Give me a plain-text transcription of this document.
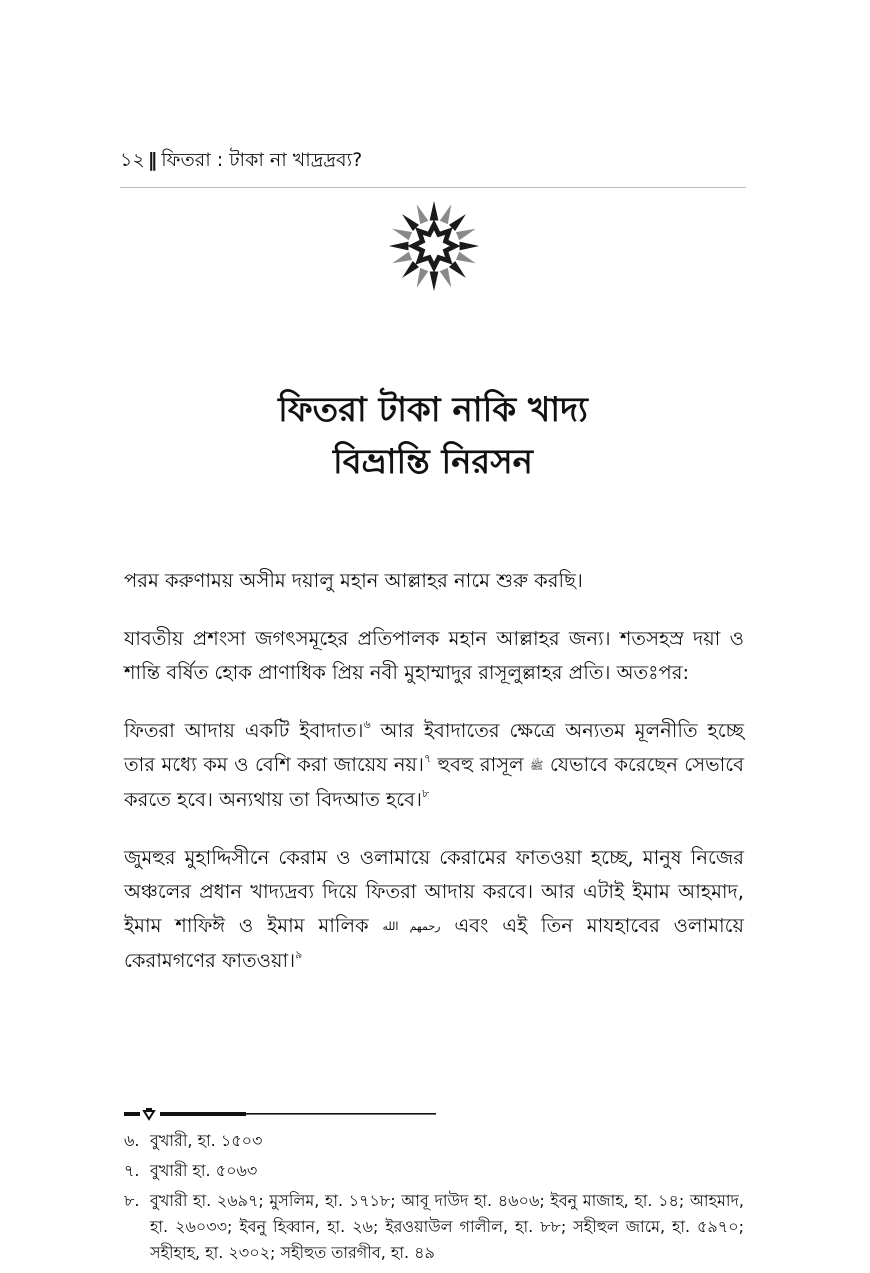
১২ ‖ ফিতরা : টাকা না খাদ্রদ্রব্য?
ফিতরা টাকা নাকি খাদ্য
বিভ্রান্তি নিরসন

পরম করুণাময় অসীম দয়ালু মহান আল্লাহর নামে শুরু করছি।

যাবতীয় প্রশংসা জগৎসমূহের প্রতিপালক মহান আল্লাহর জন্য। শতসহস্র দয়া ও শান্তি বর্ষিত হোক প্রাণাধিক প্রিয় নবী মুহাম্মাদুর রাসূলুল্লাহর প্রতি। অতঃপর:

ফিতরা আদায় একটি ইবাদাত।$^৬$ আর ইবাদাতের ক্ষেত্রে অন্যতম মূলনীতি হচ্ছে তার মধ্যে কম ও বেশি করা জায়েয নয়।$^৭$ হুবহু রাসূল ﷺ যেভাবে করেছেন সেভাবে করতে হবে। অন্যথায় তা বিদআত হবে।$^৮$

জুমহুর মুহাদ্দিসীনে কেরাম ও ওলামায়ে কেরামের ফাতওয়া হচ্ছে, মানুষ নিজের অঞ্চলের প্রধান খাদ্যদ্রব্য দিয়ে ফিতরা আদায় করবে। আর এটাই ইমাম আহমাদ, ইমাম শাফিঈ ও ইমাম মালিক رحمهم الله এবং এই তিন মাযহাবের ওলামায়ে কেরামগণের ফাতওয়া।$^৯$

৬. বুখারী, হা. ১৫০৩
৭. বুখারী হা. ৫০৬৩
৮. বুখারী হা. ২৬৯৭; মুসলিম, হা. ১৭১৮; আবূ দাউদ হা. ৪৬০৬; ইবনু মাজাহ, হা. ১৪; আহমাদ, হা. ২৬০৩৩; ইবনু হিব্বান, হা. ২৬; ইরওয়াউল গালীল, হা. ৮৮; সহীহুল জামে, হা. ৫৯৭০; সহীহাহ, হা. ২৩০২; সহীহুত তারগীব, হা. ৪৯
